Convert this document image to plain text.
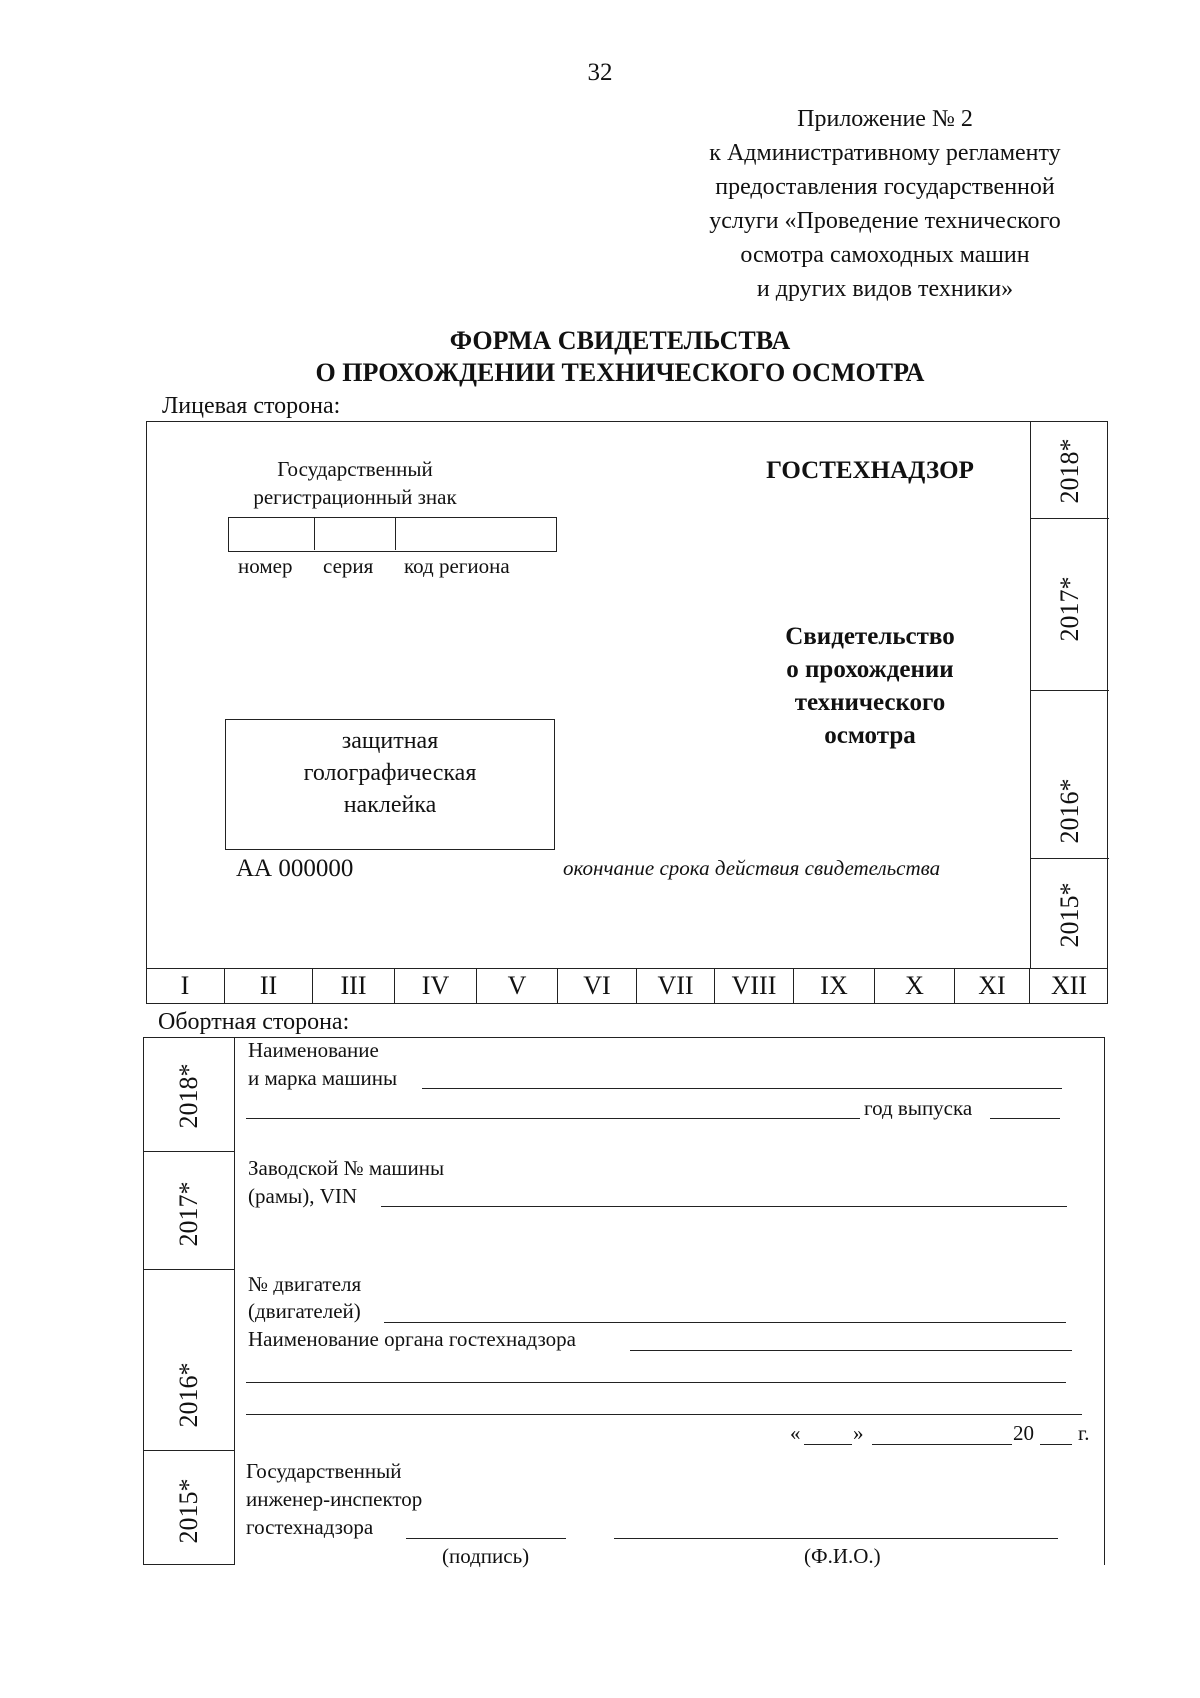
32
Приложение № 2
к Административному регламенту
предоставления государственной
услуги «Проведение технического
осмотра самоходных машин
и других видов техники»
ФОРМА СВИДЕТЕЛЬСТВА
О ПРОХОЖДЕНИИ ТЕХНИЧЕСКОГО ОСМОТРА
Лицевая сторона:
2018*
2017*
2016*
2015*
Государственный
регистрационный знак
номер серия код региона
ГОСТЕХНАДЗОР
Свидетельство
о прохождении
технического
осмотра
защитная
голографическая
наклейка
АА 000000	окончание срока действия свидетельства
I	II	III	IV	V	VI	VII	VIII	IX	X	XI	XII
Обортная сторона:
2018*
2017*
2016*
2015*
Наименование
и марка машины
год выпуска
Заводской № машины
(рамы), VIN
№ двигателя
(двигателей)
Наименование органа гостехнадзора
«	»	20 г.
Государственный
инженер-инспектор
гостехнадзора
(подпись)	(Ф.И.О.)
